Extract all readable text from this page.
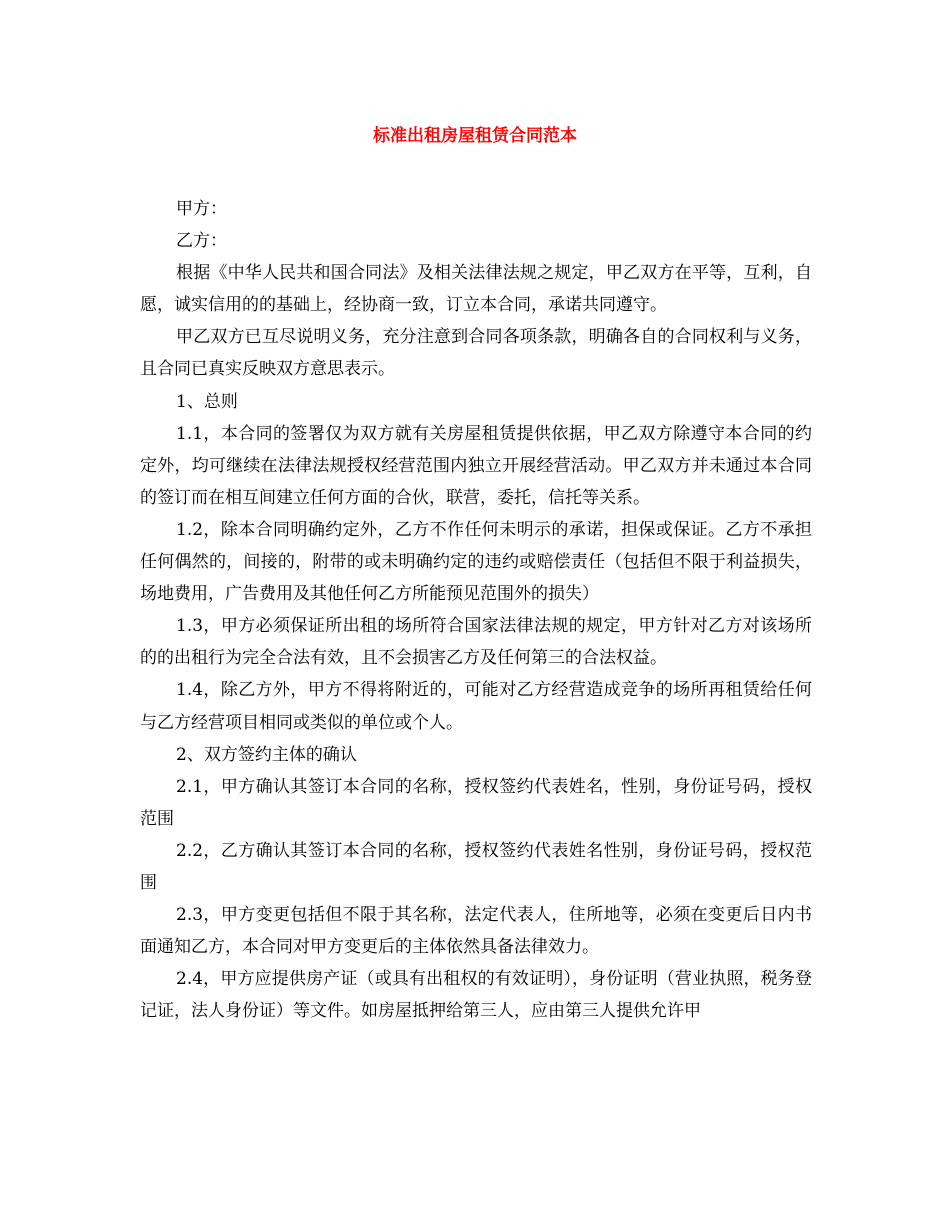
标准出租房屋租赁合同范本

甲方：

乙方：

根据《中华人民共和国合同法》及相关法律法规之规定，甲乙双方在平等，互利，自愿，诚实信用的的基础上，经协商一致，订立本合同，承诺共同遵守。

甲乙双方已互尽说明义务，充分注意到合同各项条款，明确各自的合同权利与义务，且合同已真实反映双方意思表示。

1、总则

1.1，本合同的签署仅为双方就有关房屋租赁提供依据，甲乙双方除遵守本合同的约定外，均可继续在法律法规授权经营范围内独立开展经营活动。甲乙双方并未通过本合同的签订而在相互间建立任何方面的合伙，联营，委托，信托等关系。

1.2，除本合同明确约定外，乙方不作任何未明示的承诺，担保或保证。乙方不承担任何偶然的，间接的，附带的或未明确约定的违约或赔偿责任（包括但不限于利益损失，场地费用，广告费用及其他任何乙方所能预见范围外的损失）

1.3，甲方必须保证所出租的场所符合国家法律法规的规定，甲方针对乙方对该场所的的出租行为完全合法有效，且不会损害乙方及任何第三的合法权益。

1.4，除乙方外，甲方不得将附近的，可能对乙方经营造成竞争的场所再租赁给任何与乙方经营项目相同或类似的单位或个人。

2、双方签约主体的确认

2.1，甲方确认其签订本合同的名称，授权签约代表姓名，性别，身份证号码，授权范围

2.2，乙方确认其签订本合同的名称，授权签约代表姓名性别，身份证号码，授权范围

2.3，甲方变更包括但不限于其名称，法定代表人，住所地等，必须在变更后日内书面通知乙方，本合同对甲方变更后的主体依然具备法律效力。

2.4，甲方应提供房产证（或具有出租权的有效证明），身份证明（营业执照，税务登记证，法人身份证）等文件。如房屋抵押给第三人，应由第三人提供允许甲
